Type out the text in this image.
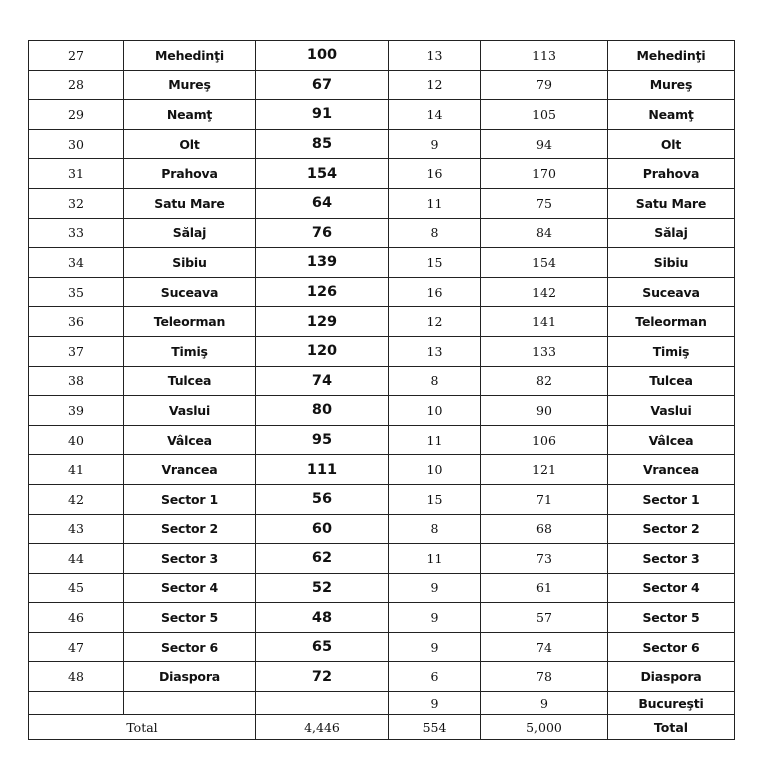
27	Mehedinţi	100	13	113	Mehedinţi
28	Mureş	67	12	79	Mureş
29	Neamţ	91	14	105	Neamţ
30	Olt	85	9	94	Olt
31	Prahova	154	16	170	Prahova
32	Satu Mare	64	11	75	Satu Mare
33	Sălaj	76	8	84	Sălaj
34	Sibiu	139	15	154	Sibiu
35	Suceava	126	16	142	Suceava
36	Teleorman	129	12	141	Teleorman
37	Timiş	120	13	133	Timiş
38	Tulcea	74	8	82	Tulcea
39	Vaslui	80	10	90	Vaslui
40	Vâlcea	95	11	106	Vâlcea
41	Vrancea	111	10	121	Vrancea
42	Sector 1	56	15	71	Sector 1
43	Sector 2	60	8	68	Sector 2
44	Sector 3	62	11	73	Sector 3
45	Sector 4	52	9	61	Sector 4
46	Sector 5	48	9	57	Sector 5
47	Sector 6	65	9	74	Sector 6
48	Diaspora	72	6	78	Diaspora
			9	9	Bucureşti
Total		4,446	554	5,000	Total
